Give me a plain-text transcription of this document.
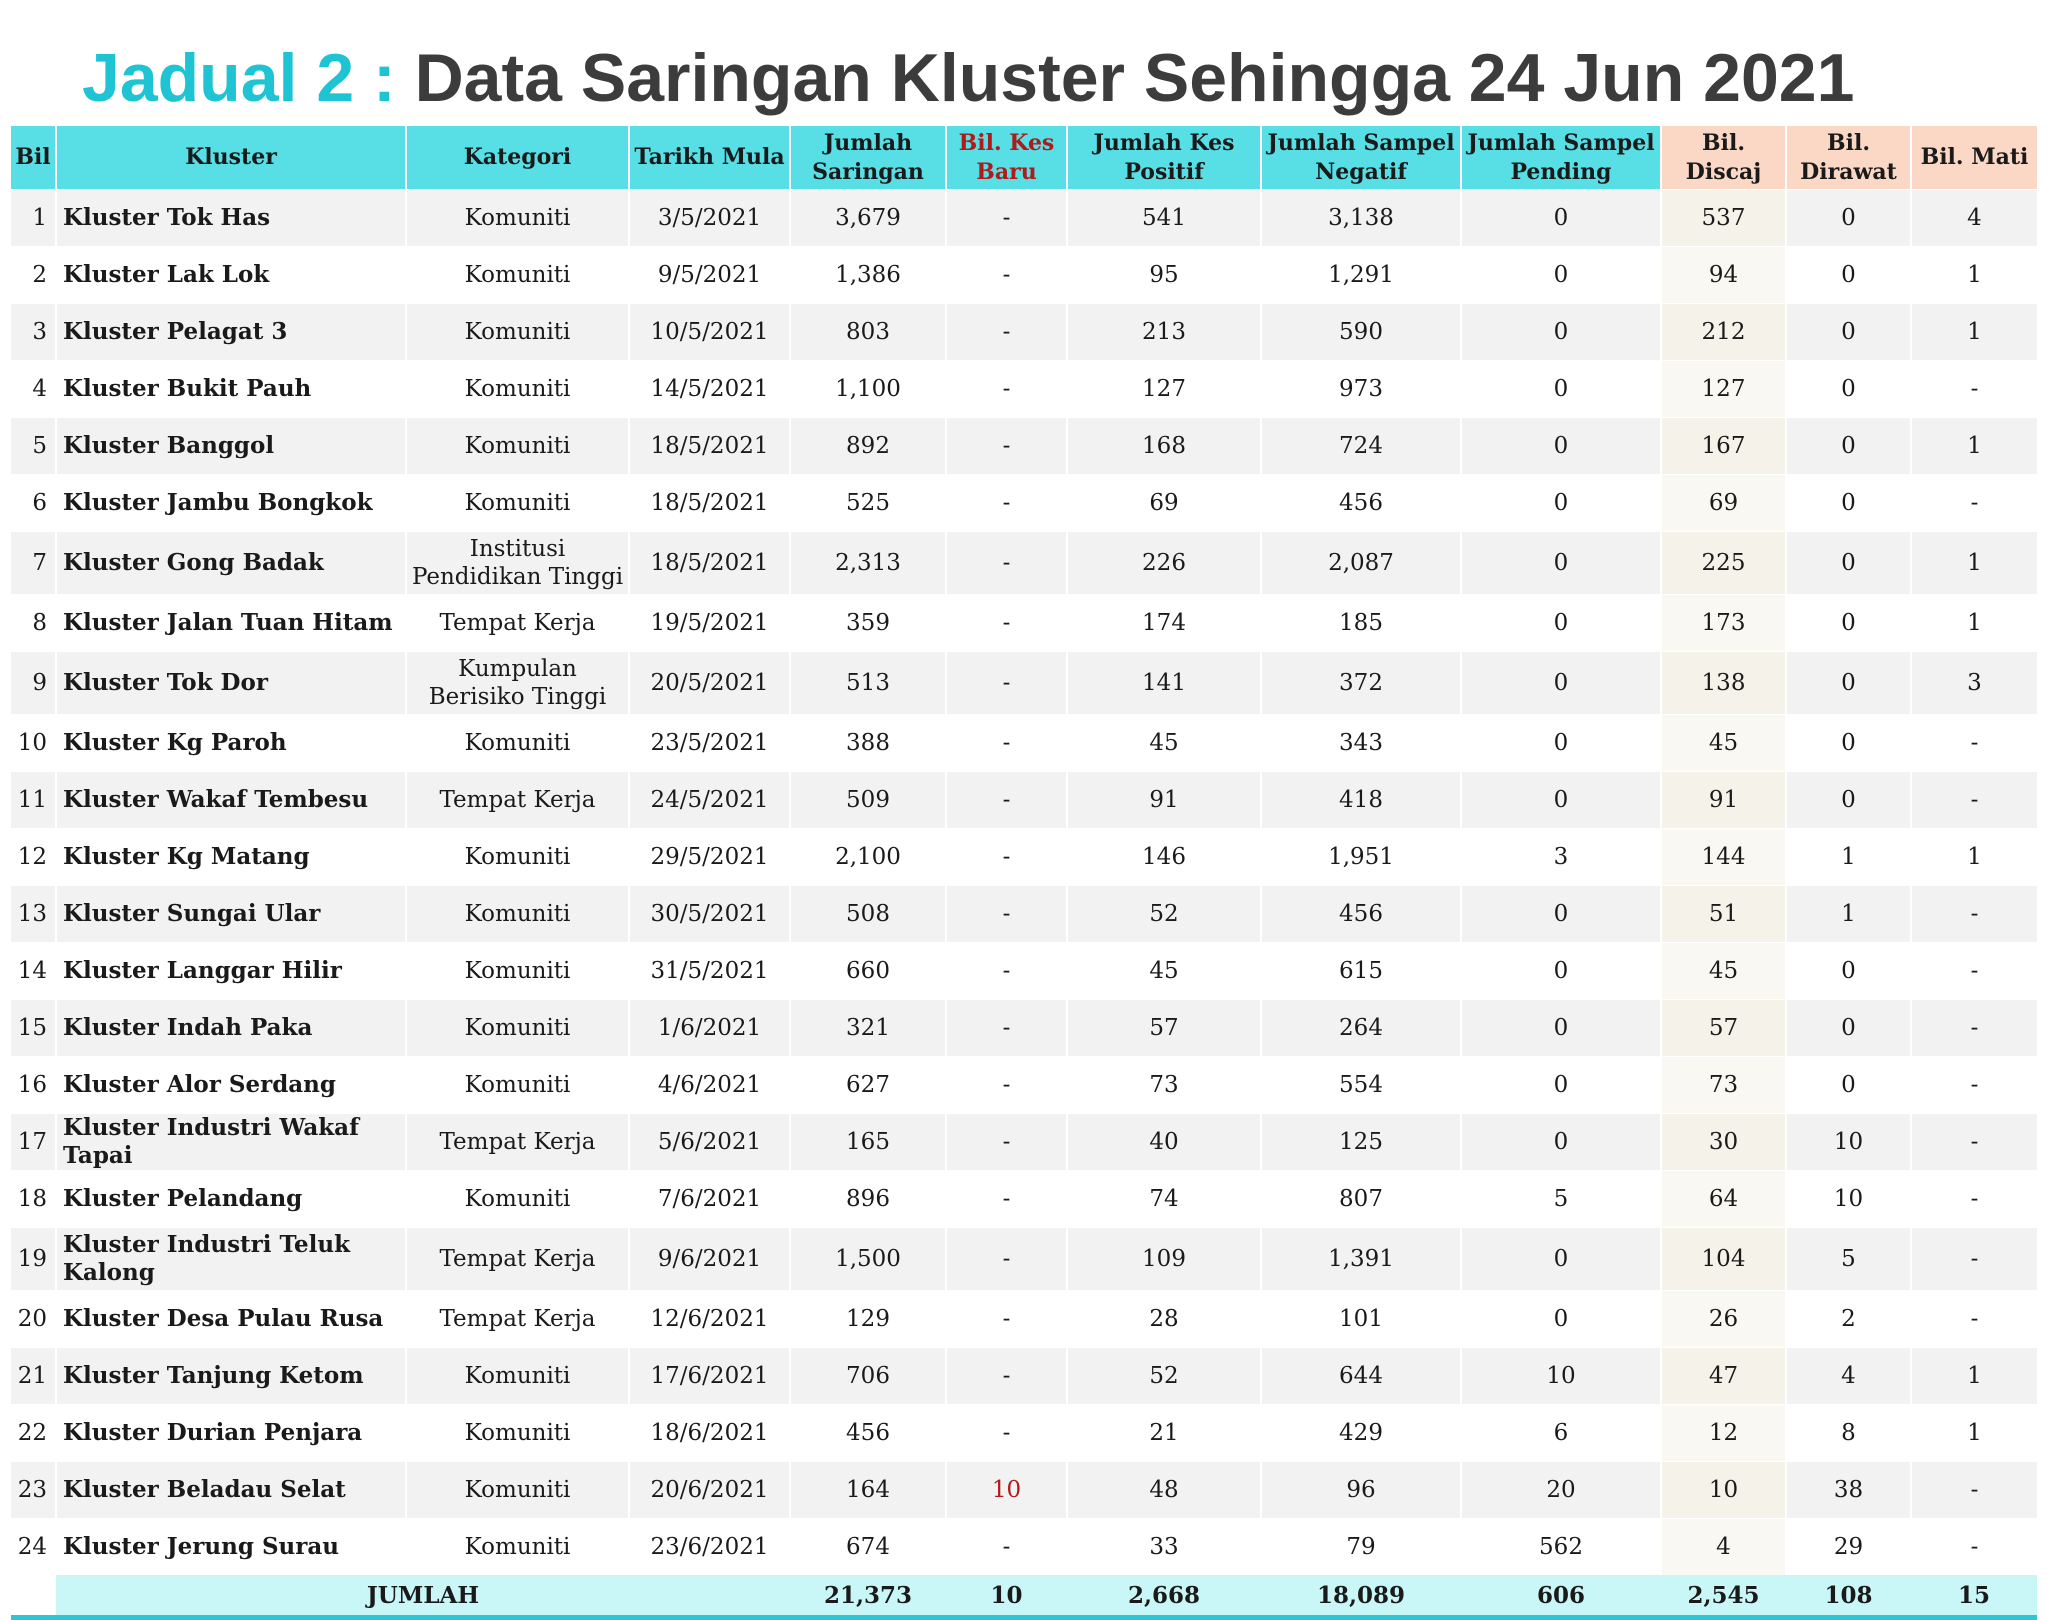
Jadual 2 : Data Saringan Kluster Sehingga 24 Jun 2021
Bil	Kluster	Kategori	Tarikh Mula	Jumlah Saringan	Bil. Kes Baru	Jumlah Kes Positif	Jumlah Sampel Negatif	Jumlah Sampel Pending	Bil. Discaj	Bil. Dirawat	Bil. Mati
1	Kluster Tok Has	Komuniti	3/5/2021	3,679	-	541	3,138	0	537	0	4
2	Kluster Lak Lok	Komuniti	9/5/2021	1,386	-	95	1,291	0	94	0	1
3	Kluster Pelagat 3	Komuniti	10/5/2021	803	-	213	590	0	212	0	1
4	Kluster Bukit Pauh	Komuniti	14/5/2021	1,100	-	127	973	0	127	0	-
5	Kluster Banggol	Komuniti	18/5/2021	892	-	168	724	0	167	0	1
6	Kluster Jambu Bongkok	Komuniti	18/5/2021	525	-	69	456	0	69	0	-
7	Kluster Gong Badak	Institusi Pendidikan Tinggi	18/5/2021	2,313	-	226	2,087	0	225	0	1
8	Kluster Jalan Tuan Hitam	Tempat Kerja	19/5/2021	359	-	174	185	0	173	0	1
9	Kluster Tok Dor	Kumpulan Berisiko Tinggi	20/5/2021	513	-	141	372	0	138	0	3
10	Kluster Kg Paroh	Komuniti	23/5/2021	388	-	45	343	0	45	0	-
11	Kluster Wakaf Tembesu	Tempat Kerja	24/5/2021	509	-	91	418	0	91	0	-
12	Kluster Kg Matang	Komuniti	29/5/2021	2,100	-	146	1,951	3	144	1	1
13	Kluster Sungai Ular	Komuniti	30/5/2021	508	-	52	456	0	51	1	-
14	Kluster Langgar Hilir	Komuniti	31/5/2021	660	-	45	615	0	45	0	-
15	Kluster Indah Paka	Komuniti	1/6/2021	321	-	57	264	0	57	0	-
16	Kluster Alor Serdang	Komuniti	4/6/2021	627	-	73	554	0	73	0	-
17	Kluster Industri Wakaf Tapai	Tempat Kerja	5/6/2021	165	-	40	125	0	30	10	-
18	Kluster Pelandang	Komuniti	7/6/2021	896	-	74	807	5	64	10	-
19	Kluster Industri Teluk Kalong	Tempat Kerja	9/6/2021	1,500	-	109	1,391	0	104	5	-
20	Kluster Desa Pulau Rusa	Tempat Kerja	12/6/2021	129	-	28	101	0	26	2	-
21	Kluster Tanjung Ketom	Komuniti	17/6/2021	706	-	52	644	10	47	4	1
22	Kluster Durian Penjara	Komuniti	18/6/2021	456	-	21	429	6	12	8	1
23	Kluster Beladau Selat	Komuniti	20/6/2021	164	10	48	96	20	10	38	-
24	Kluster Jerung Surau	Komuniti	23/6/2021	674	-	33	79	562	4	29	-
	JUMLAH			21,373	10	2,668	18,089	606	2,545	108	15
